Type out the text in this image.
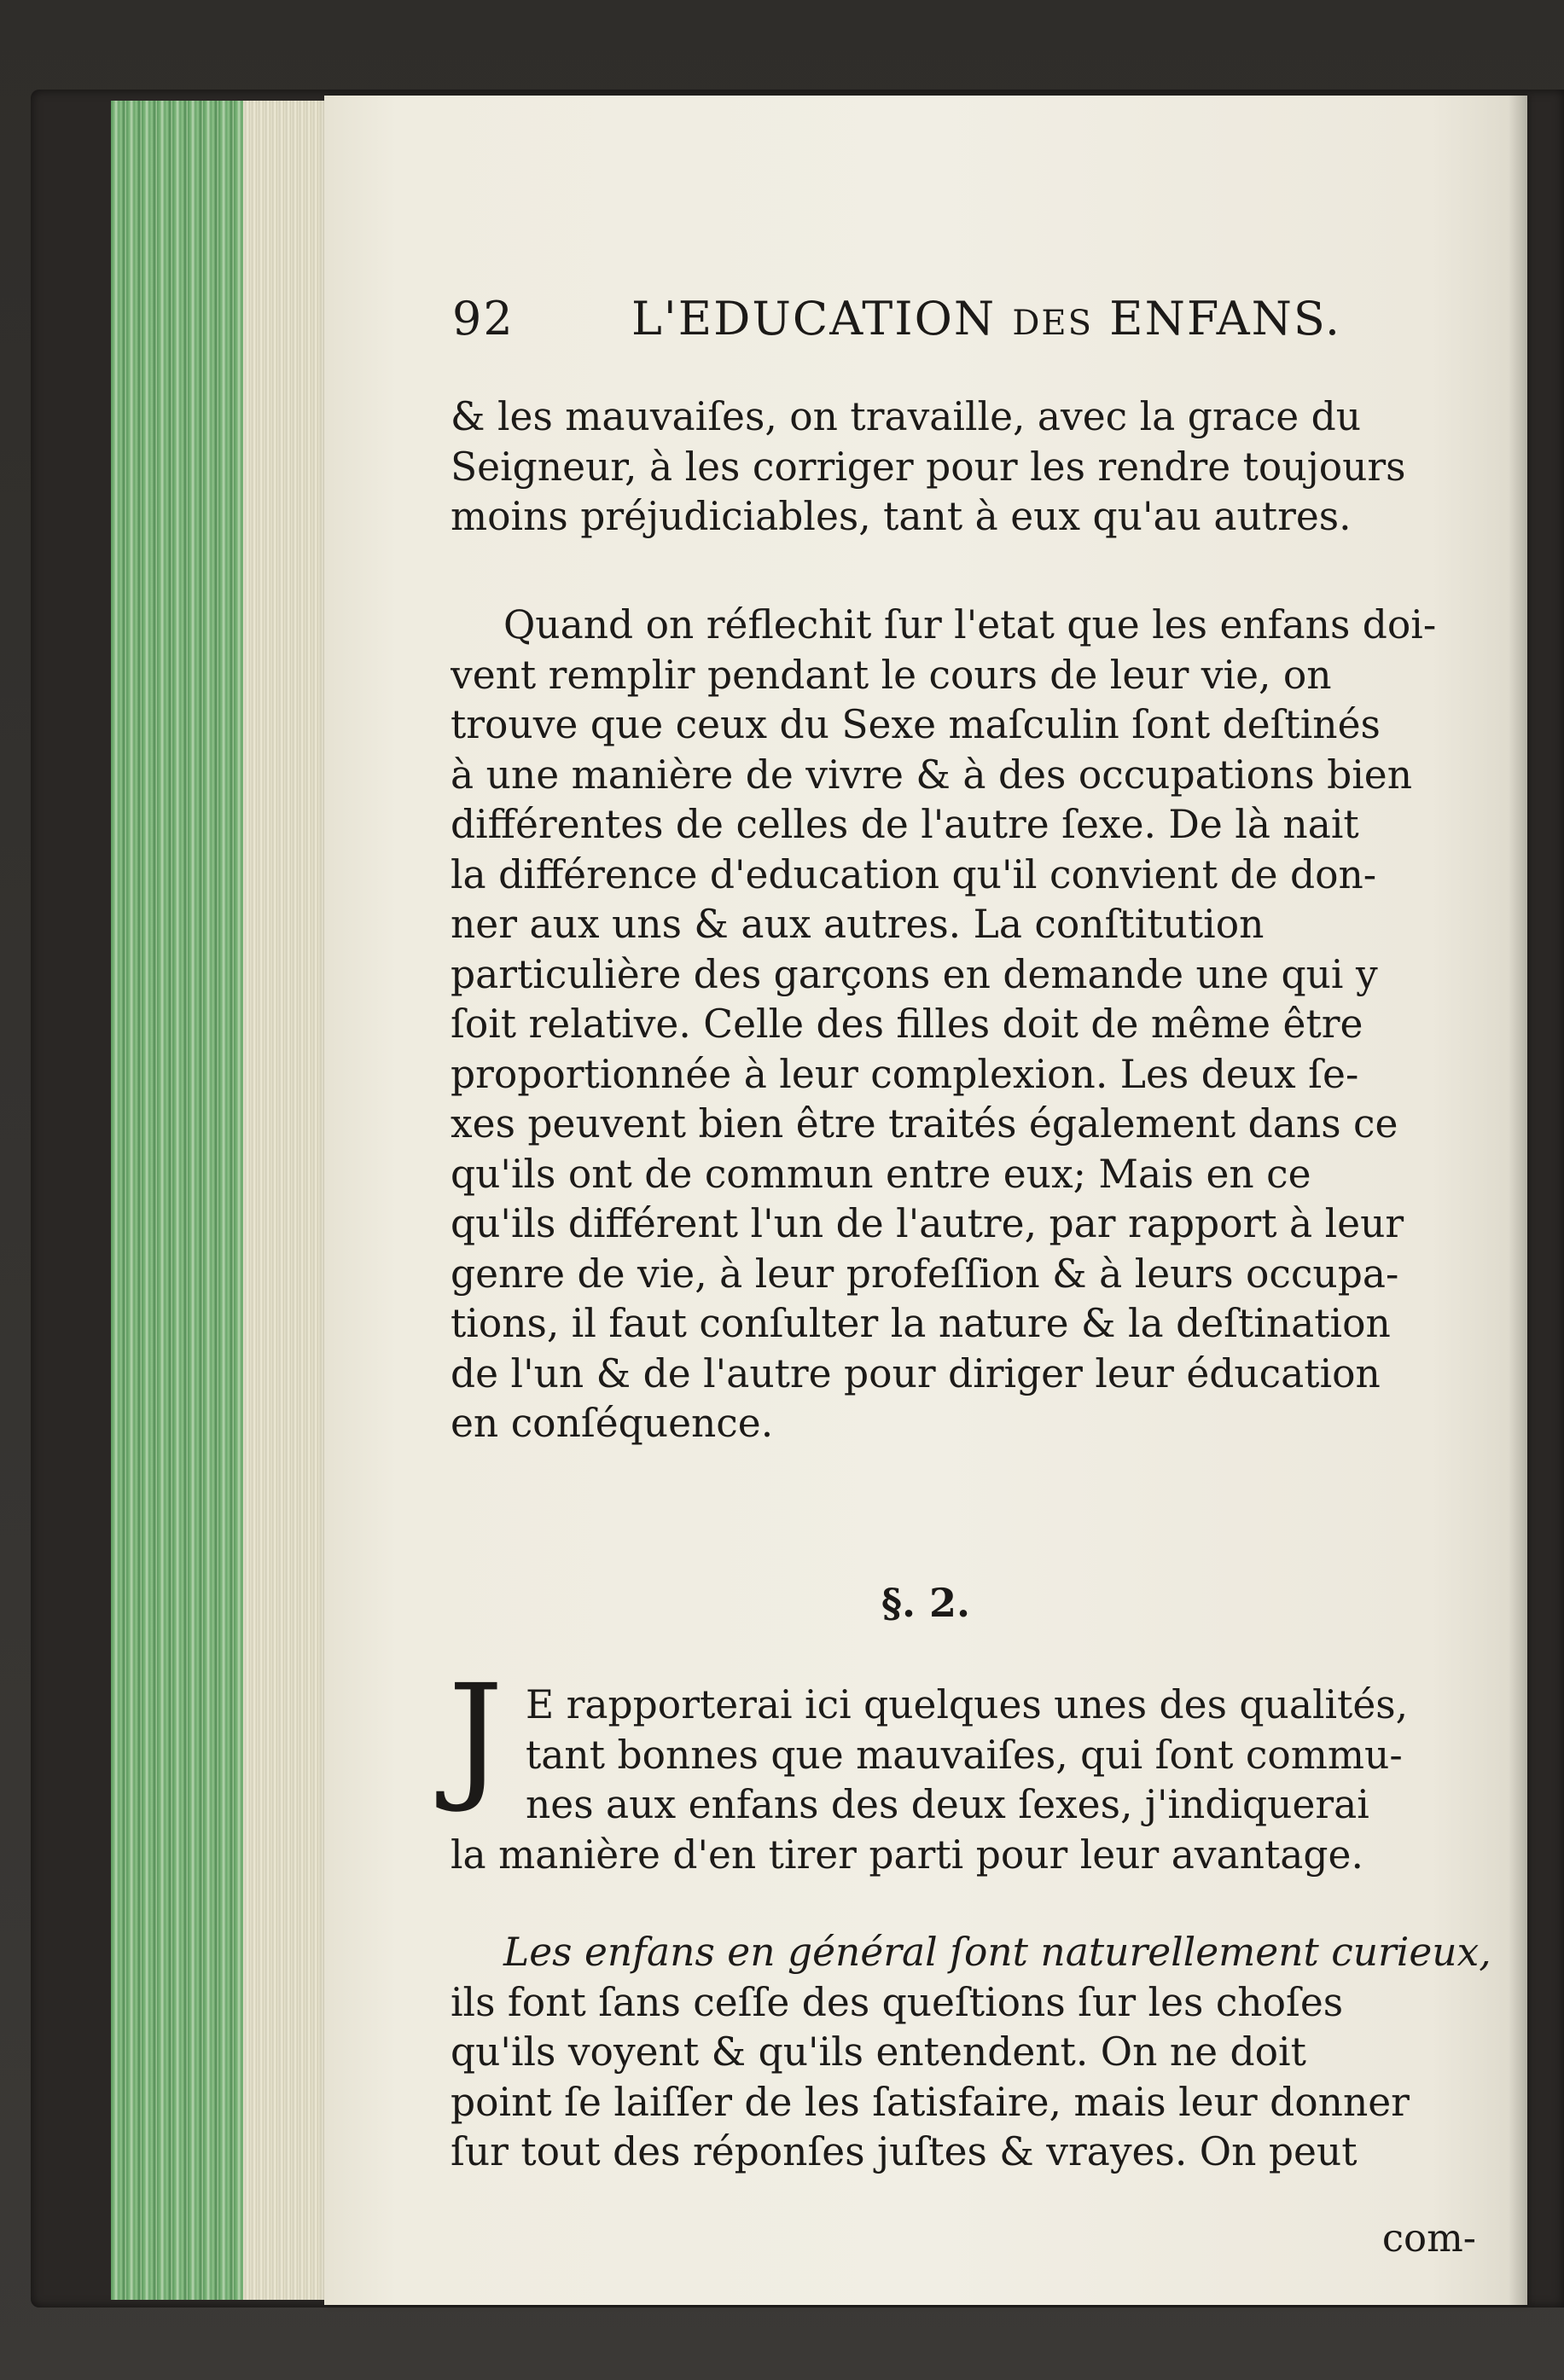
92	L'EDUCATION DES ENFANS.
& les mauvaiſes, on travaille, avec la grace du
Seigneur, à les corriger pour les rendre toujours
moins préjudiciables, tant à eux qu'au autres.
Quand on réflechit ſur l'etat que les enfans doi-
vent remplir pendant le cours de leur vie, on
trouve que ceux du Sexe maſculin ſont deſtinés
à une manière de vivre & à des occupations bien
différentes de celles de l'autre ſexe. De là nait
la différence d'education qu'il convient de don-
ner aux uns & aux autres. La conſtitution
particulière des garçons en demande une qui y
ſoit relative. Celle des filles doit de même être
proportionnée à leur complexion. Les deux ſe-
xes peuvent bien être traités également dans ce
qu'ils ont de commun entre eux; Mais en ce
qu'ils différent l'un de l'autre, par rapport à leur
genre de vie, à leur profeſſion & à leurs occupa-
tions, il faut conſulter la nature & la deſtination
de l'un & de l'autre pour diriger leur éducation
en conſéquence.
§. 2.
J E rapporterai ici quelques unes des qualités,
tant bonnes que mauvaiſes, qui ſont commu-
nes aux enfans des deux ſexes, j'indiquerai
la manière d'en tirer parti pour leur avantage.
Les enfans en général ſont naturellement curieux,
ils font ſans ceſſe des queſtions ſur les choſes
qu'ils voyent & qu'ils entendent. On ne doit
point ſe laiſſer de les ſatisfaire, mais leur donner
ſur tout des réponſes juſtes & vrayes. On peut
com-
